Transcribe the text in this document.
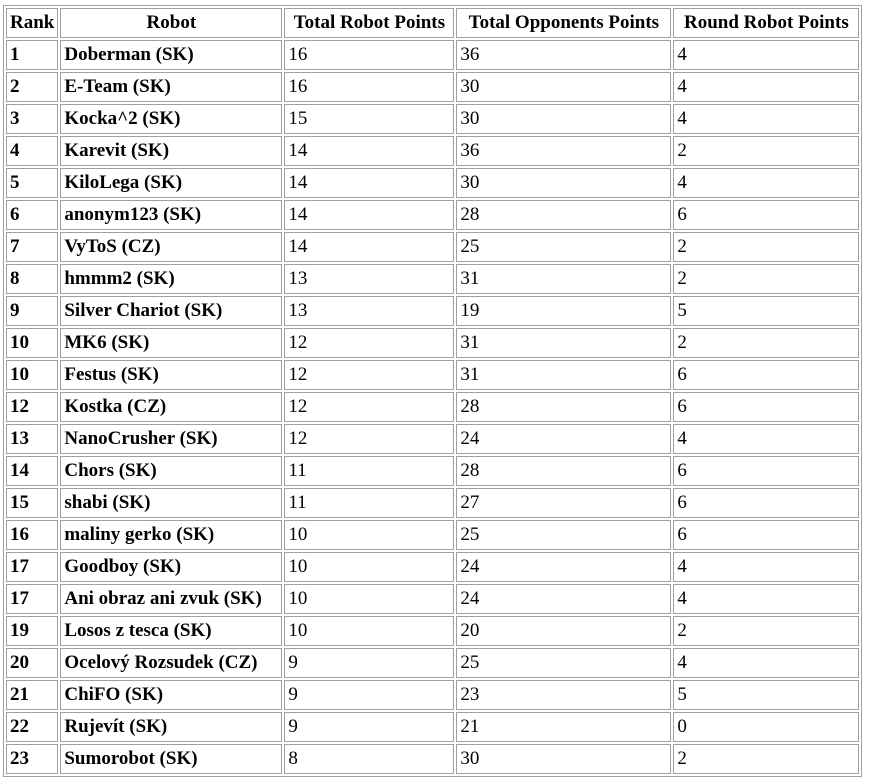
Rank	Robot	Total Robot Points	Total Opponents Points	Round Robot Points
1	Doberman (SK)	16	36	4
2	E-Team (SK)	16	30	4
3	Kocka^2 (SK)	15	30	4
4	Karevit (SK)	14	36	2
5	KiloLega (SK)	14	30	4
6	anonym123 (SK)	14	28	6
7	VyToS (CZ)	14	25	2
8	hmmm2 (SK)	13	31	2
9	Silver Chariot (SK)	13	19	5
10	MK6 (SK)	12	31	2
10	Festus (SK)	12	31	6
12	Kostka (CZ)	12	28	6
13	NanoCrusher (SK)	12	24	4
14	Chors (SK)	11	28	6
15	shabi (SK)	11	27	6
16	maliny gerko (SK)	10	25	6
17	Goodboy (SK)	10	24	4
17	Ani obraz ani zvuk (SK)	10	24	4
19	Losos z tesca (SK)	10	20	2
20	Ocelový Rozsudek (CZ)	9	25	4
21	ChiFO (SK)	9	23	5
22	Rujevít (SK)	9	21	0
23	Sumorobot (SK)	8	30	2
